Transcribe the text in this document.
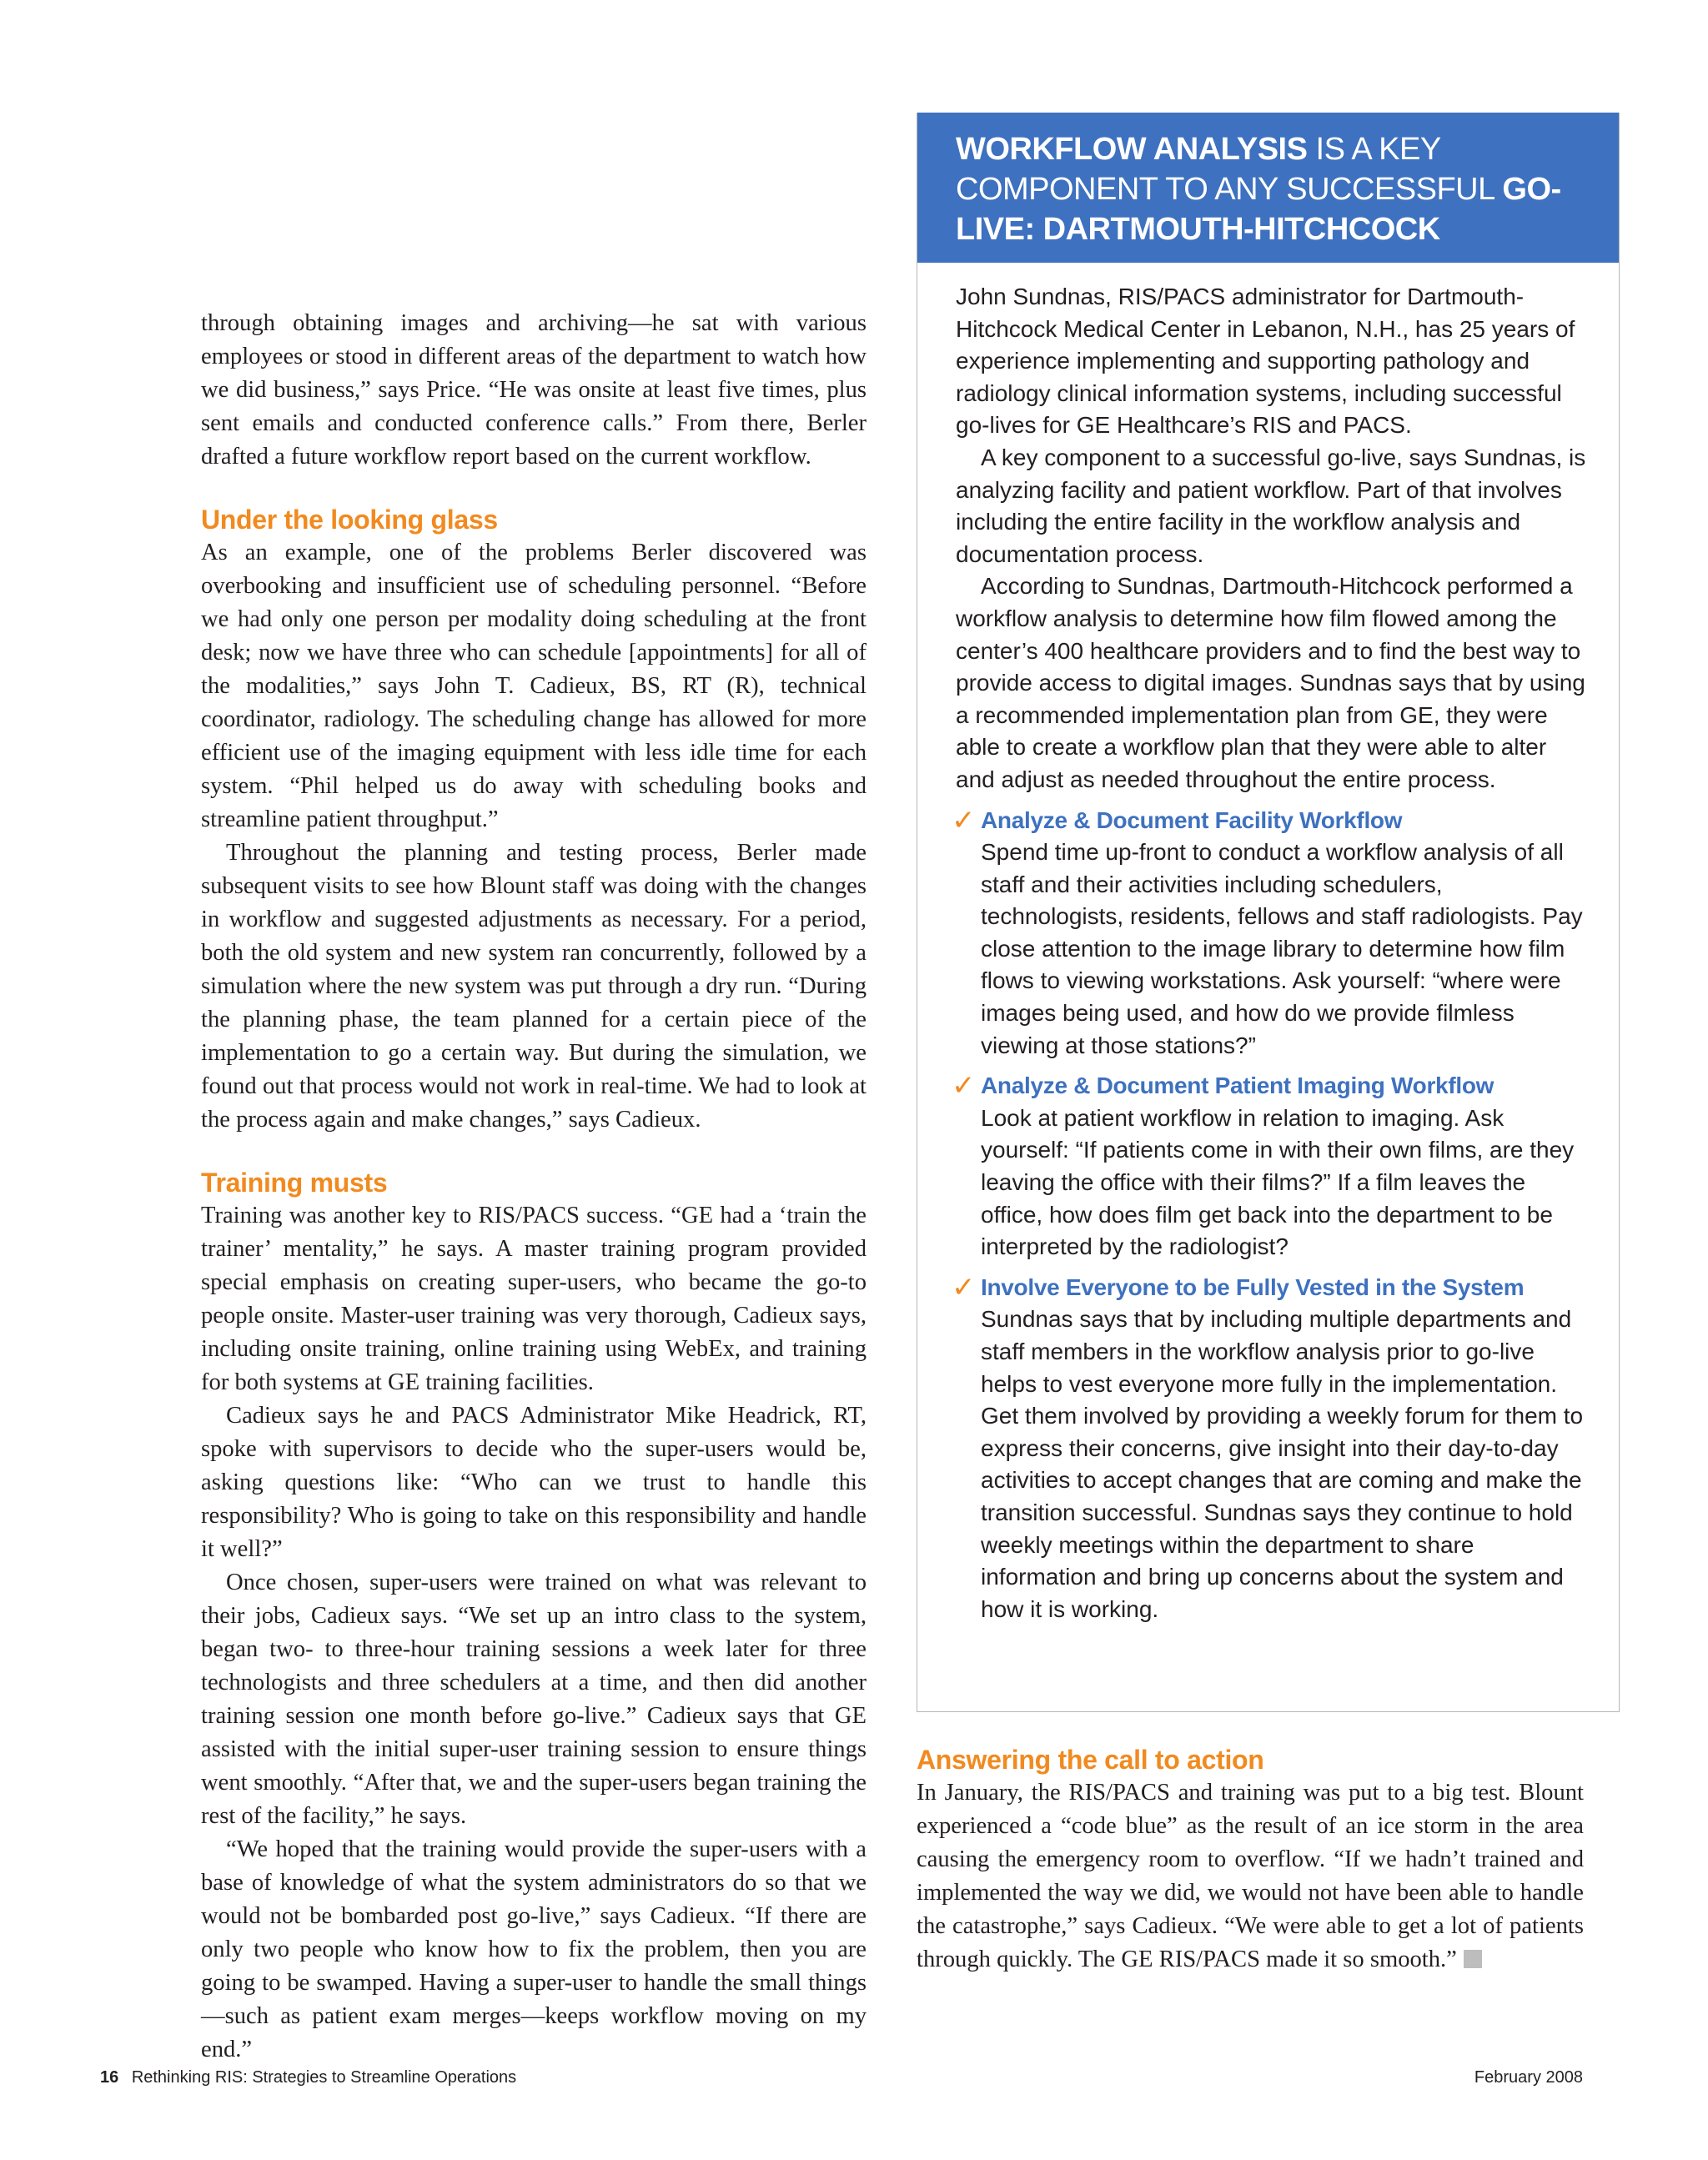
through obtaining images and archiving—he sat with various employees or stood in different areas of the department to watch how we did business,” says Price. “He was onsite at least five times, plus sent emails and conducted conference calls.” From there, Berler drafted a future workflow report based on the current workflow.

Under the looking glass

As an example, one of the problems Berler discovered was overbooking and insufficient use of scheduling personnel. “Before we had only one person per modality doing scheduling at the front desk; now we have three who can schedule [appointments] for all of the modalities,” says John T. Cadieux, BS, RT (R), technical coordinator, radiology. The scheduling change has allowed for more efficient use of the imaging equipment with less idle time for each system. “Phil helped us do away with scheduling books and streamline patient throughput.”

Throughout the planning and testing process, Berler made subsequent visits to see how Blount staff was doing with the changes in workflow and suggested adjustments as necessary. For a period, both the old system and new system ran concurrently, followed by a simulation where the new system was put through a dry run. “During the planning phase, the team planned for a certain piece of the implementation to go a certain way. But during the simulation, we found out that process would not work in real-time. We had to look at the process again and make changes,” says Cadieux.

Training musts

Training was another key to RIS/PACS success. “GE had a ‘train the trainer’ mentality,” he says. A master training program provided special emphasis on creating super-users, who became the go-to people onsite. Master-user training was very thorough, Cadieux says, including onsite training, online training using WebEx, and training for both systems at GE training facilities.

Cadieux says he and PACS Administrator Mike Headrick, RT, spoke with supervisors to decide who the super-users would be, asking questions like: “Who can we trust to handle this responsibility? Who is going to take on this responsibility and handle it well?”

Once chosen, super-users were trained on what was relevant to their jobs, Cadieux says. “We set up an intro class to the system, began two- to three-hour training sessions a week later for three technologists and three schedulers at a time, and then did another training session one month before go-live.” Cadieux says that GE assisted with the initial super-user training session to ensure things went smoothly. “After that, we and the super-users began training the rest of the facility,” he says.

“We hoped that the training would provide the super-users with a base of knowledge of what the system administrators do so that we would not be bombarded post go-live,” says Cadieux. “If there are only two people who know how to fix the problem, then you are going to be swamped. Having a super-user to handle the small things—such as patient exam merges—keeps workflow moving on my end.”

WORKFLOW ANALYSIS IS A KEY COMPONENT TO ANY SUCCESSFUL GO-LIVE: DARTMOUTH-HITCHCOCK

John Sundnas, RIS/PACS administrator for Dartmouth-Hitchcock Medical Center in Lebanon, N.H., has 25 years of experience implementing and supporting pathology and radiology clinical information systems, including successful go-lives for GE Healthcare’s RIS and PACS.

A key component to a successful go-live, says Sundnas, is analyzing facility and patient workflow. Part of that involves including the entire facility in the workflow analysis and documentation process.

According to Sundnas, Dartmouth-Hitchcock performed a workflow analysis to determine how film flowed among the center’s 400 healthcare providers and to find the best way to provide access to digital images. Sundnas says that by using a recommended implementation plan from GE, they were able to create a workflow plan that they were able to alter and adjust as needed throughout the entire process.

✓ Analyze & Document Facility Workflow

Spend time up-front to conduct a workflow analysis of all staff and their activities including schedulers, technologists, residents, fellows and staff radiologists. Pay close attention to the image library to determine how film flows to viewing workstations. Ask yourself: “where were images being used, and how do we provide filmless viewing at those stations?”

✓ Analyze & Document Patient Imaging Workflow

Look at patient workflow in relation to imaging. Ask yourself: “If patients come in with their own films, are they leaving the office with their films?” If a film leaves the office, how does film get back into the department to be interpreted by the radiologist?

✓ Involve Everyone to be Fully Vested in the System

Sundnas says that by including multiple departments and staff members in the workflow analysis prior to go-live helps to vest everyone more fully in the implementation. Get them involved by providing a weekly forum for them to express their concerns, give insight into their day-to-day activities to accept changes that are coming and make the transition successful. Sundnas says they continue to hold weekly meetings within the department to share information and bring up concerns about the system and how it is working.

Answering the call to action

In January, the RIS/PACS and training was put to a big test. Blount experienced a “code blue” as the result of an ice storm in the area causing the emergency room to overflow. “If we hadn’t trained and implemented the way we did, we would not have been able to handle the catastrophe,” says Cadieux. “We were able to get a lot of patients through quickly. The GE RIS/PACS made it so smooth.”

16 Rethinking RIS: Strategies to Streamline Operations	February 2008
